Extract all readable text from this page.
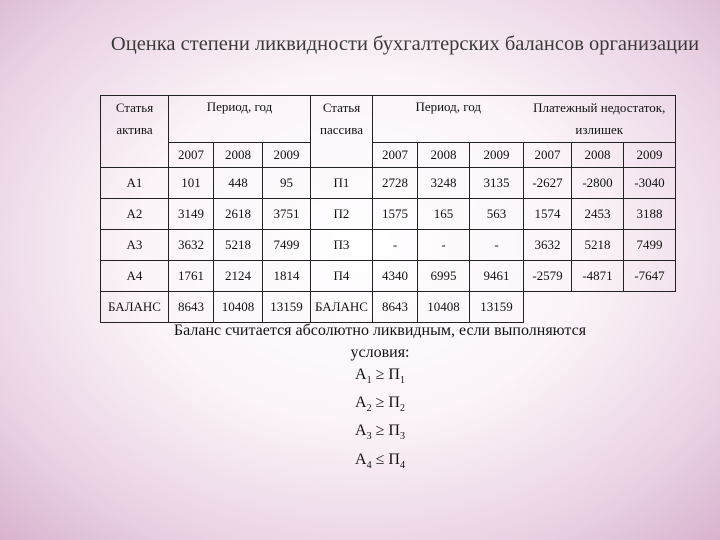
Оценка степени ликвидности бухгалтерских балансов организации
Статья актива	Период, год			Статья пассива	Период, год			Платежный недостаток, излишек		

	2007	2008	2009		2007	2008	2009	2007	2008	2009
А1	101	448	95	П1	2728	3248	3135	-2627	-2800	-3040
А2	3149	2618	3751	П2	1575	165	563	1574	2453	3188
А3	3632	5218	7499	П3	-	-	-	3632	5218	7499
А4	1761	2124	1814	П4	4340	6995	9461	-2579	-4871	-7647
БАЛАНС	8643	10408	13159	БАЛАНС	8643	10408	13159			
Баланс считается абсолютно ликвидным, если выполняются условия:
$А_1 \ge П_1$
$А_2 \ge П_2$
$А_3 \ge П_3$
$А_4 \le П_4$
